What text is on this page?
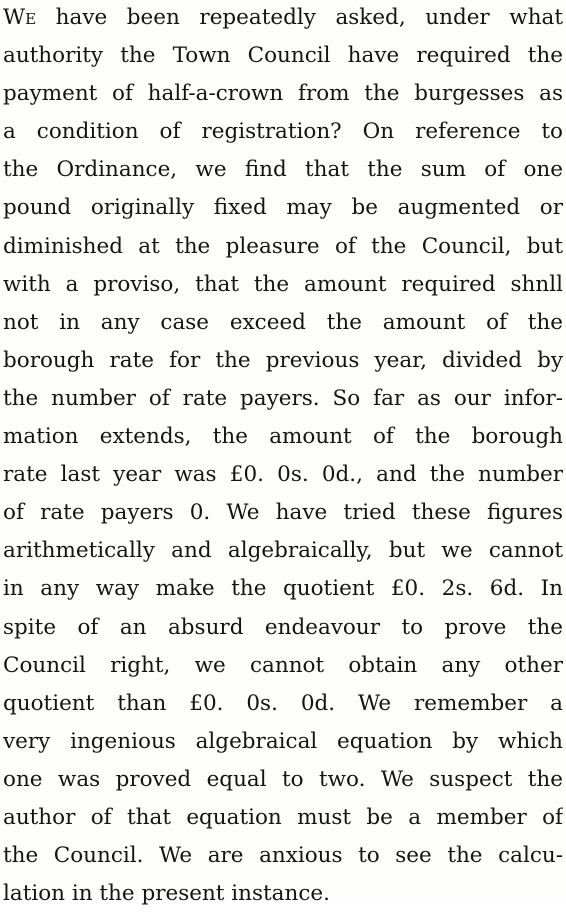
We have been repeatedly asked, under what
authority the Town Council have required the
payment of half-a-crown from the burgesses as
a condition of registration? On reference to
the Ordinance, we find that the sum of one
pound originally fixed may be augmented or
diminished at the pleasure of the Council, but
with a proviso, that the amount required shnll
not in any case exceed the amount of the
borough rate for the previous year, divided by
the number of rate payers. So far as our infor-
mation extends, the amount of the borough
rate last year was £0. 0s. 0d., and the number
of rate payers 0. We have tried these figures
arithmetically and algebraically, but we cannot
in any way make the quotient £0. 2s. 6d. In
spite of an absurd endeavour to prove the
Council right, we cannot obtain any other
quotient than £0. 0s. 0d. We remember a
very ingenious algebraical equation by which
one was proved equal to two. We suspect the
author of that equation must be a member of
the Council. We are anxious to see the calcu-
lation in the present instance.
